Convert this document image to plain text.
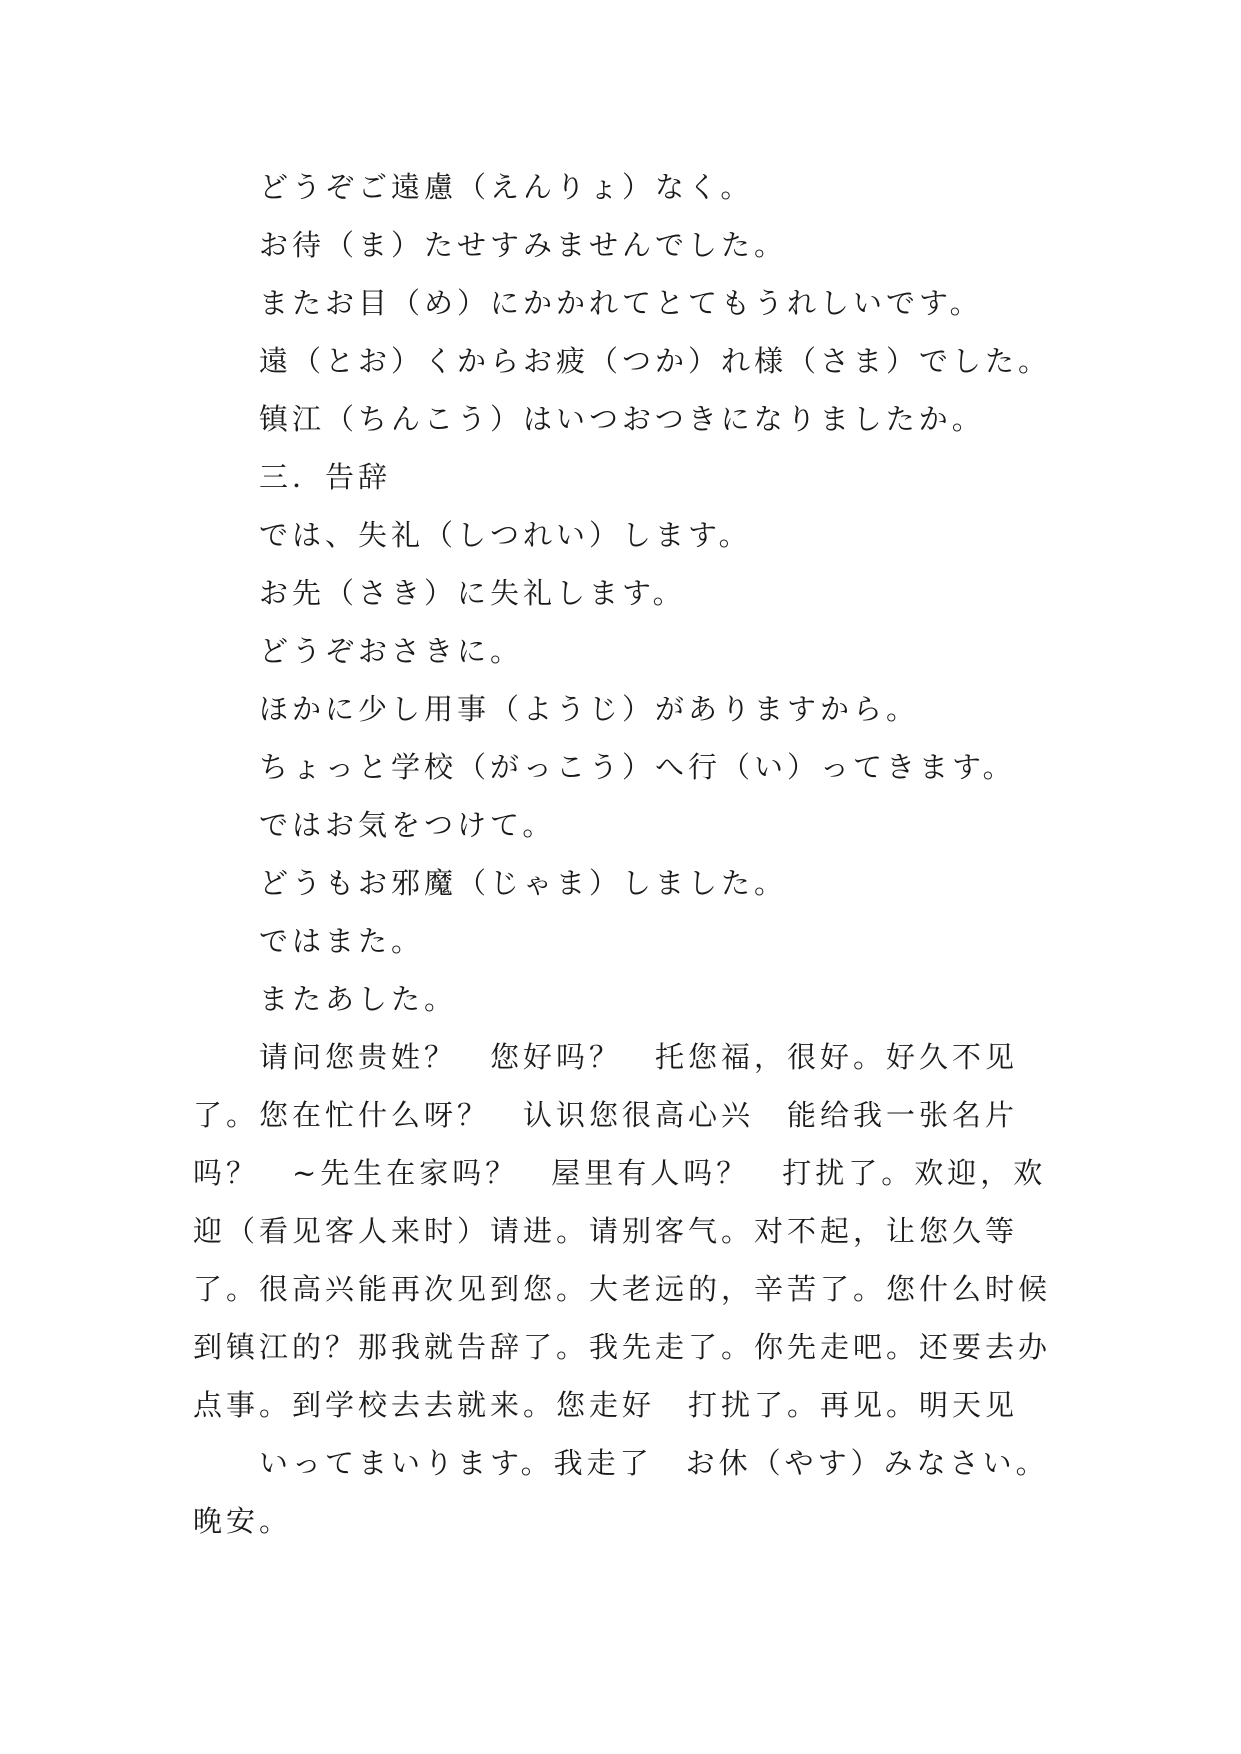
どうぞご遠慮（えんりょ）なく。
お待（ま）たせすみませんでした。
またお目（め）にかかれてとてもうれしいです。
遠（とお）くからお疲（つか）れ様（さま）でした。
镇江（ちんこう）はいつおつきになりましたか。
三．告辞
では、失礼（しつれい）します。
お先（さき）に失礼します。
どうぞおさきに。
ほかに少し用事（ようじ）がありますから。
ちょっと学校（がっこう）へ行（い）ってきます。
ではお気をつけて。
どうもお邪魔（じゃま）しました。
ではまた。
またあした。

请问您贵姓？　您好吗？　托您福，很好。好久不见了。您在忙什么呀？　认识您很高心兴　能给我一张名片吗？　~先生在家吗？　屋里有人吗？　打扰了。欢迎，欢迎（看见客人来时）请进。请别客气。对不起，让您久等了。很高兴能再次见到您。大老远的，辛苦了。您什么时候到镇江的？那我就告辞了。我先走了。你先走吧。还要去办点事。到学校去去就来。您走好　打扰了。再见。明天见

いってまいります。我走了　お休（やす）みなさい。晚安。
